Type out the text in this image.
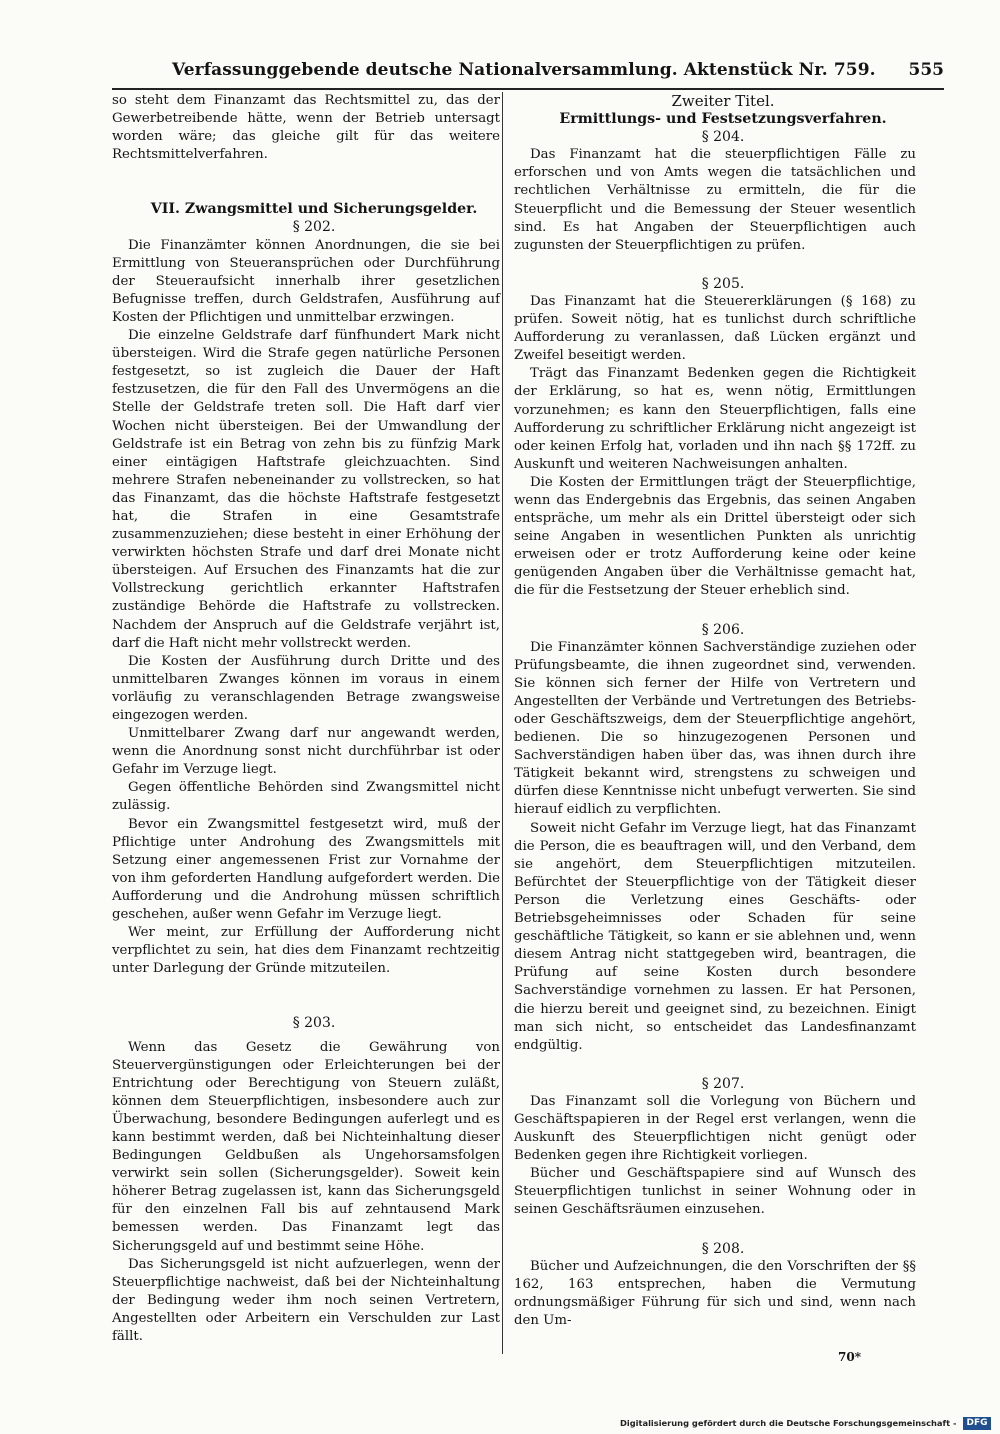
Verfassunggebende deutsche Nationalversammlung. Aktenstück Nr. 759.	555

so steht dem Finanzamt das Rechtsmittel zu, das der Gewerbetreibende hätte, wenn der Betrieb untersagt worden wäre; das gleiche gilt für das weitere Rechtsmittelverfahren.

VII. Zwangsmittel und Sicherungsgelder.

§ 202.

Die Finanzämter können Anordnungen, die sie bei Ermittlung von Steueransprüchen oder Durchführung der Steueraufsicht innerhalb ihrer gesetzlichen Befugnisse treffen, durch Geldstrafen, Ausführung auf Kosten der Pflichtigen und unmittelbar erzwingen.

Die einzelne Geldstrafe darf fünfhundert Mark nicht übersteigen. Wird die Strafe gegen natürliche Personen festgesetzt, so ist zugleich die Dauer der Haft festzusetzen, die für den Fall des Unvermögens an die Stelle der Geldstrafe treten soll. Die Haft darf vier Wochen nicht übersteigen. Bei der Umwandlung der Geldstrafe ist ein Betrag von zehn bis zu fünfzig Mark einer eintägigen Haftstrafe gleichzuachten. Sind mehrere Strafen nebeneinander zu vollstrecken, so hat das Finanzamt, das die höchste Haftstrafe festgesetzt hat, die Strafen in eine Gesamtstrafe zusammenzuziehen; diese besteht in einer Erhöhung der verwirkten höchsten Strafe und darf drei Monate nicht übersteigen. Auf Ersuchen des Finanzamts hat die zur Vollstreckung gerichtlich erkannter Haftstrafen zuständige Behörde die Haftstrafe zu vollstrecken. Nachdem der Anspruch auf die Geldstrafe verjährt ist, darf die Haft nicht mehr vollstreckt werden.

Die Kosten der Ausführung durch Dritte und des unmittelbaren Zwanges können im voraus in einem vorläufig zu veranschlagenden Betrage zwangsweise eingezogen werden.

Unmittelbarer Zwang darf nur angewandt werden, wenn die Anordnung sonst nicht durchführbar ist oder Gefahr im Verzuge liegt.

Gegen öffentliche Behörden sind Zwangsmittel nicht zulässig.

Bevor ein Zwangsmittel festgesetzt wird, muß der Pflichtige unter Androhung des Zwangsmittels mit Setzung einer angemessenen Frist zur Vornahme der von ihm geforderten Handlung aufgefordert werden. Die Aufforderung und die Androhung müssen schriftlich geschehen, außer wenn Gefahr im Verzuge liegt.

Wer meint, zur Erfüllung der Aufforderung nicht verpflichtet zu sein, hat dies dem Finanzamt rechtzeitig unter Darlegung der Gründe mitzuteilen.

§ 203.

Wenn das Gesetz die Gewährung von Steuervergünstigungen oder Erleichterungen bei der Entrichtung oder Berechtigung von Steuern zuläßt, können dem Steuerpflichtigen, insbesondere auch zur Überwachung, besondere Bedingungen auferlegt und es kann bestimmt werden, daß bei Nichteinhaltung dieser Bedingungen Geldbußen als Ungehorsamsfolgen verwirkt sein sollen (Sicherungsgelder). Soweit kein höherer Betrag zugelassen ist, kann das Sicherungsgeld für den einzelnen Fall bis auf zehntausend Mark bemessen werden. Das Finanzamt legt das Sicherungsgeld auf und bestimmt seine Höhe.

Das Sicherungsgeld ist nicht aufzuerlegen, wenn der Steuerpflichtige nachweist, daß bei der Nichteinhaltung der Bedingung weder ihm noch seinen Vertretern, Angestellten oder Arbeitern ein Verschulden zur Last fällt.

Zweiter Titel.

Ermittlungs- und Festsetzungsverfahren.

§ 204.

Das Finanzamt hat die steuerpflichtigen Fälle zu erforschen und von Amts wegen die tatsächlichen und rechtlichen Verhältnisse zu ermitteln, die für die Steuerpflicht und die Bemessung der Steuer wesentlich sind. Es hat Angaben der Steuerpflichtigen auch zugunsten der Steuerpflichtigen zu prüfen.

§ 205.

Das Finanzamt hat die Steuererklärungen (§ 168) zu prüfen. Soweit nötig, hat es tunlichst durch schriftliche Aufforderung zu veranlassen, daß Lücken ergänzt und Zweifel beseitigt werden.

Trägt das Finanzamt Bedenken gegen die Richtigkeit der Erklärung, so hat es, wenn nötig, Ermittlungen vorzunehmen; es kann den Steuerpflichtigen, falls eine Aufforderung zu schriftlicher Erklärung nicht angezeigt ist oder keinen Erfolg hat, vorladen und ihn nach §§ 172ff. zu Auskunft und weiteren Nachweisungen anhalten.

Die Kosten der Ermittlungen trägt der Steuerpflichtige, wenn das Endergebnis das Ergebnis, das seinen Angaben entspräche, um mehr als ein Drittel übersteigt oder sich seine Angaben in wesentlichen Punkten als unrichtig erweisen oder er trotz Aufforderung keine oder keine genügenden Angaben über die Verhältnisse gemacht hat, die für die Festsetzung der Steuer erheblich sind.

§ 206.

Die Finanzämter können Sachverständige zuziehen oder Prüfungsbeamte, die ihnen zugeordnet sind, verwenden. Sie können sich ferner der Hilfe von Vertretern und Angestellten der Verbände und Vertretungen des Betriebs- oder Geschäftszweigs, dem der Steuerpflichtige angehört, bedienen. Die so hinzugezogenen Personen und Sachverständigen haben über das, was ihnen durch ihre Tätigkeit bekannt wird, strengstens zu schweigen und dürfen diese Kenntnisse nicht unbefugt verwerten. Sie sind hierauf eidlich zu verpflichten.

Soweit nicht Gefahr im Verzuge liegt, hat das Finanzamt die Person, die es beauftragen will, und den Verband, dem sie angehört, dem Steuerpflichtigen mitzuteilen. Befürchtet der Steuerpflichtige von der Tätigkeit dieser Person die Verletzung eines Geschäfts- oder Betriebsgeheimnisses oder Schaden für seine geschäftliche Tätigkeit, so kann er sie ablehnen und, wenn diesem Antrag nicht stattgegeben wird, beantragen, die Prüfung auf seine Kosten durch besondere Sachverständige vornehmen zu lassen. Er hat Personen, die hierzu bereit und geeignet sind, zu bezeichnen. Einigt man sich nicht, so entscheidet das Landesfinanzamt endgültig.

§ 207.

Das Finanzamt soll die Vorlegung von Büchern und Geschäftspapieren in der Regel erst verlangen, wenn die Auskunft des Steuerpflichtigen nicht genügt oder Bedenken gegen ihre Richtigkeit vorliegen.

Bücher und Geschäftspapiere sind auf Wunsch des Steuerpflichtigen tunlichst in seiner Wohnung oder in seinen Geschäftsräumen einzusehen.

§ 208.

Bücher und Aufzeichnungen, die den Vorschriften der §§ 162, 163 entsprechen, haben die Vermutung ordnungsmäßiger Führung für sich und sind, wenn nach den Um-

70*
Digitalisierung gefördert durch die Deutsche Forschungsgemeinschaft -	DFG
